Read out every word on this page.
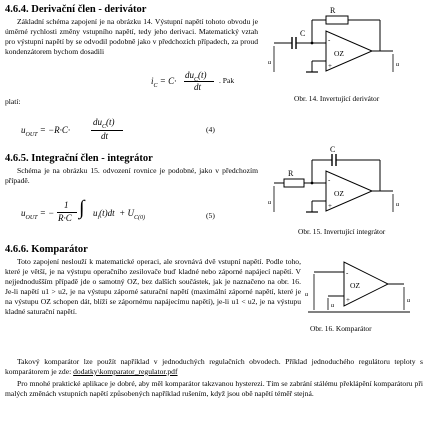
4.6.4. Derivační člen - derivátor
Základní schéma zapojení je na obrázku 14. Výstupní napětí tohoto obvodu je úměrné rychlosti změny vstupního napětí, tedy jeho derivaci. Matematický vztah pro výstupní napětí by se odvodil podobně jako v předchozích případech, za proud kondenzátorem bychom dosadili
$i_C = C\cdot$
$du_C(t)$
dt
. Pak
platí:
$u_{OUT} = -R\cdot C\cdot$
$du_C(t)$
dt
(4)
R
C
OZ
u	u
-
+
Obr. 14. Invertující derivátor
4.6.5. Integrační člen - integrátor
Schéma je na obrázku 15. odvození rovnice je podobné, jako v předchozím případě.
$u_{OUT}$ = −
1
R·C ∫ $u_i(t)dt + U_{C(0)}$	(5)
C
R
OZ
u	u
-
+
Obr. 15. Invertující integrátor
4.6.6. Komparátor
Toto zapojení neslouží k matematické operaci, ale srovnává dvě vstupní napětí. Podle toho, které je větší, je na výstupu operačního zesilovače buď kladné nebo záporné napájecí napětí. V nejjednodušším případě jde o samotný OZ, bez dalších součástek, jak je naznačeno na obr. 16. Je-li napětí u1 > u2, je na výstupu záporné saturační napětí (maximální záporné napětí, které je na výstupu OZ schopen dát, blíží se zápornému napájecímu napětí), je-li u1 < u2, je na výstupu kladné saturační napětí.
OZ
-
+
u
u
u
Obr. 16. Komparátor
Takový komparátor lze použít například v jednoduchých regulačních obvodech. Příklad jednoduchého regulátoru teploty s komparátorem je zde: dodatky\komparator_regulator.pdf
Pro mnohé praktické aplikace je dobré, aby měl komparátor takzvanou hysterezi. Tím se zabrání stálému překlápění komparátoru při malých změnách vstupních napětí způsobených například rušením, když jsou obě napětí téměř stejná.
